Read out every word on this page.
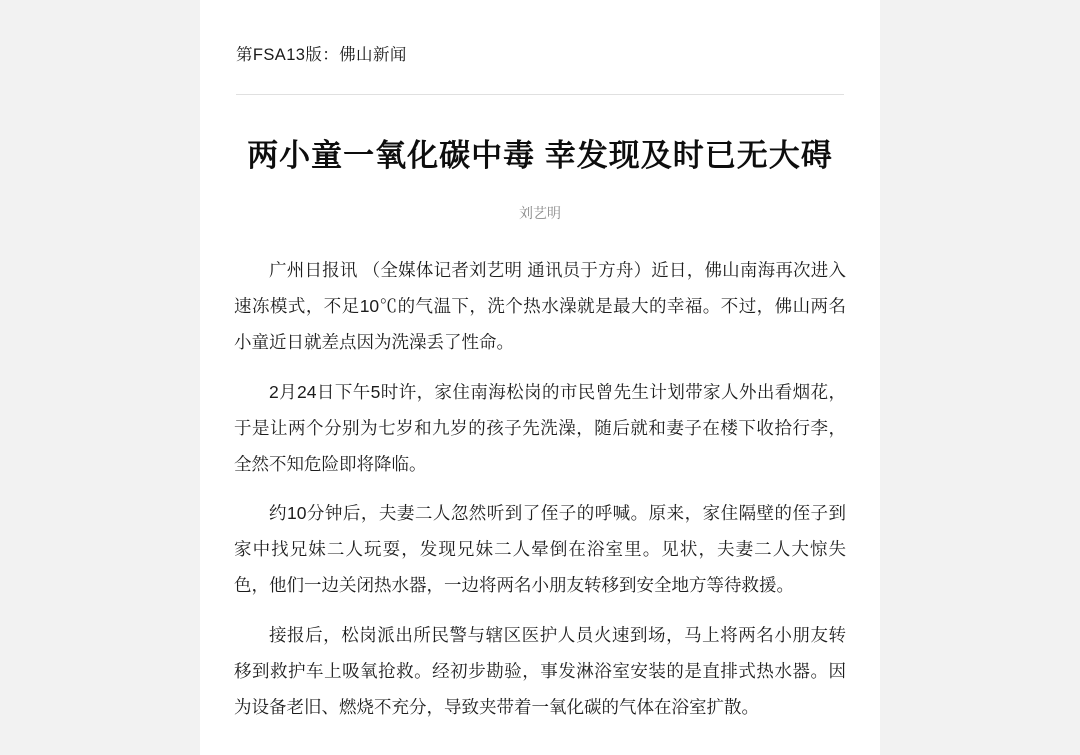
第FSA13版：佛山新闻
两小童一氧化碳中毒 幸发现及时已无大碍
刘艺明

广州日报讯 （全媒体记者刘艺明 通讯员于方舟）近日，佛山南海再次进入速冻模式，不足10℃的气温下，洗个热水澡就是最大的幸福。不过，佛山两名小童近日就差点因为洗澡丢了性命。

2月24日下午5时许，家住南海松岗的市民曾先生计划带家人外出看烟花，于是让两个分别为七岁和九岁的孩子先洗澡，随后就和妻子在楼下收拾行李，全然不知危险即将降临。

约10分钟后，夫妻二人忽然听到了侄子的呼喊。原来，家住隔壁的侄子到家中找兄妹二人玩耍，发现兄妹二人晕倒在浴室里。见状，夫妻二人大惊失色，他们一边关闭热水器，一边将两名小朋友转移到安全地方等待救援。

接报后，松岗派出所民警与辖区医护人员火速到场，马上将两名小朋友转移到救护车上吸氧抢救。经初步勘验，事发淋浴室安装的是直排式热水器。因为设备老旧、燃烧不充分，导致夹带着一氧化碳的气体在浴室扩散。
